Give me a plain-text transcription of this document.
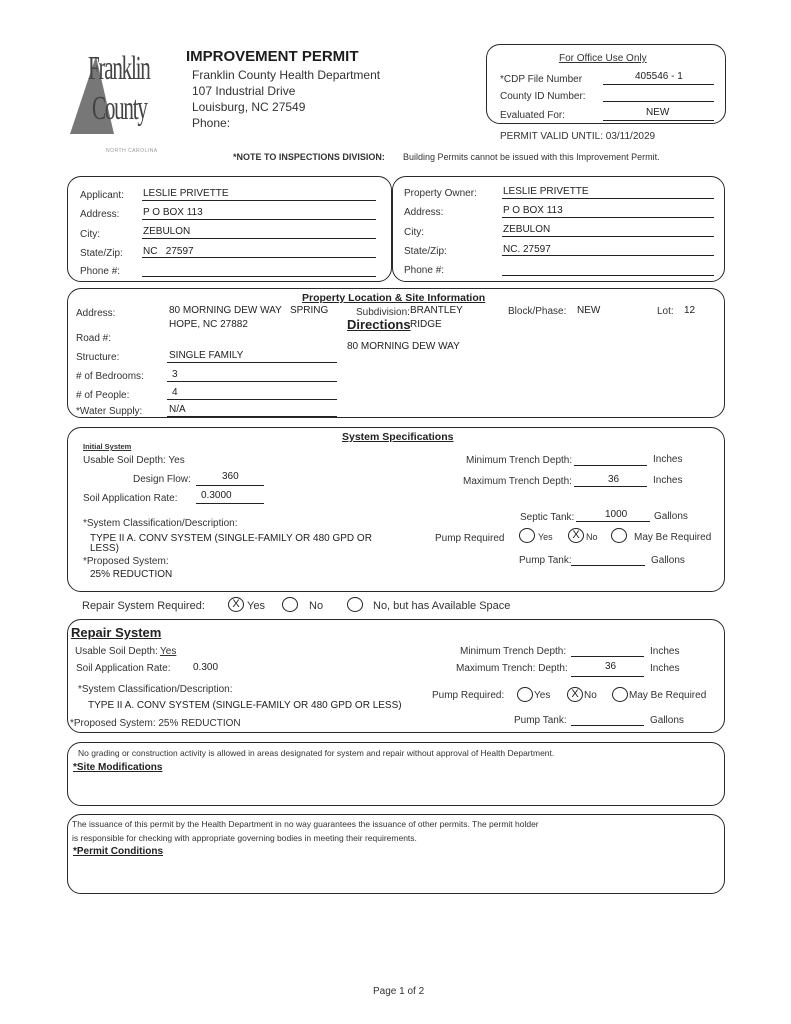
Franklin
County
NORTH CAROLINA
IMPROVEMENT PERMIT
Franklin County Health Department
107 Industrial Drive
Louisburg, NC 27549
Phone:
For Office Use Only
*CDP File Number	405546 - 1
County ID Number:
Evaluated For:	NEW
PERMIT VALID UNTIL: 03/11/2029
*NOTE TO INSPECTIONS DIVISION: Building Permits cannot be issued with this Improvement Permit.
Applicant: LESLIE PRIVETTE
Address: P O BOX 113
City:	ZEBULON
State/Zip: NC   27597
Phone #:
Property Owner:	LESLIE PRIVETTE
Address:	P O BOX 113
City:	ZEBULON
State/Zip:	NC. 27597
Phone #:
Property Location & Site Information
Address:	80 MORNING DEW WAY   SPRING
HOPE, NC 27882
Subdivision: BRANTLEY
RIDGE
Directions
80 MORNING DEW WAY
Block/Phase: NEW	Lot: 12
Road #:
Structure:	SINGLE FAMILY
# of Bedrooms:	3
# of People:	4
*Water Supply:	N/A
System Specifications
Initial System
Usable Soil Depth: Yes
Design Flow:	360
Soil Application Rate: 0.3000
*System Classification/Description:
TYPE II A. CONV SYSTEM (SINGLE-FAMILY OR 480 GPD OR
LESS)
*Proposed System:
25% REDUCTION
Minimum Trench Depth:	Inches
Maximum Trench Depth:	36	Inches
Septic Tank:	1000	Gallons
Pump Required	Yes	X No	May Be Required
Pump Tank:	Gallons
Repair System Required:	X Yes	No	No, but has Available Space
Repair System
Usable Soil Depth: Yes
Soil Application Rate: 0.300
*System Classification/Description:
TYPE II A. CONV SYSTEM (SINGLE-FAMILY OR 480 GPD OR LESS)
*Proposed System: 25% REDUCTION
Minimum Trench Depth:	Inches
Maximum Trench: Depth:	36	Inches
Pump Required:	Yes	X No	May Be Required
Pump Tank:	Gallons
No grading or construction activity is allowed in areas designated for system and repair without approval of Health Department.
*Site Modifications
The issuance of this permit by the Health Department in no way guarantees the issuance of other permits. The permit holder
is responsible for checking with appropriate governing bodies in meeting their requirements.
*Permit Conditions
Page 1 of 2
